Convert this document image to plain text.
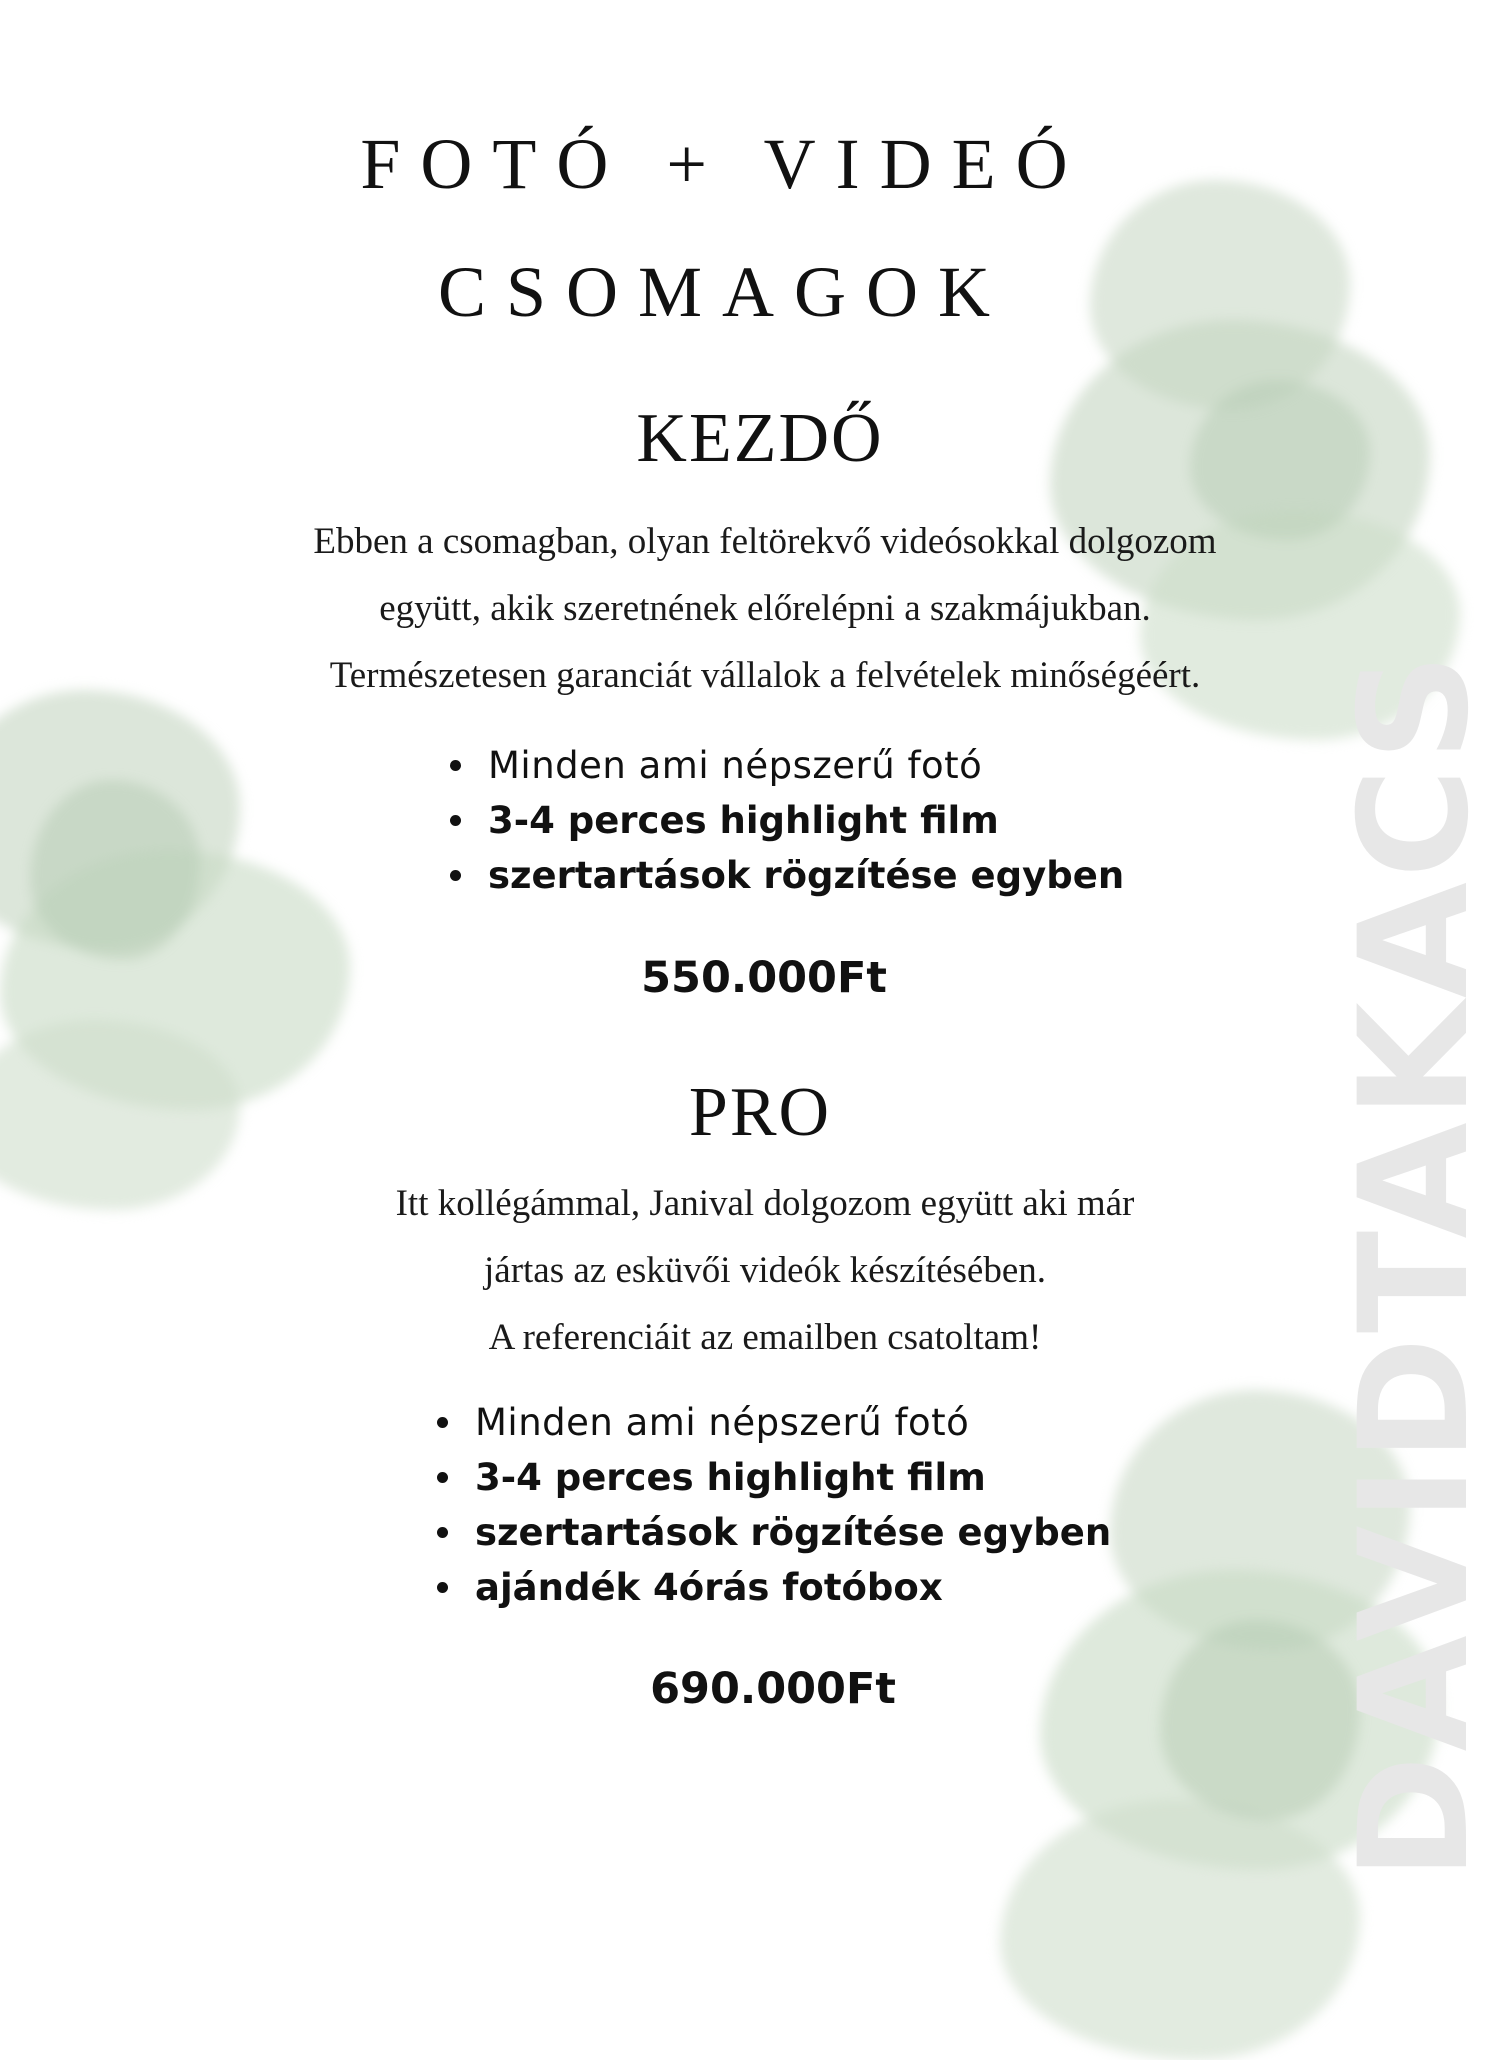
DAVIDTAKACS
FOTÓ + VIDEÓ
CSOMAGOK
KEZDŐ

Ebben a csomagban, olyan feltörekvő videósokkal dolgozom
együtt, akik szeretnének előrelépni a szakmájukban.
Természetesen garanciát vállalok a felvételek minőségéért.

Minden ami népszerű fotó
3-4 perces highlight film
szertartások rögzítése egyben
550.000Ft
PRO

Itt kollégámmal, Janival dolgozom együtt aki már
jártas az esküvői videók készítésében.
A referenciáit az emailben csatoltam!

Minden ami népszerű fotó
3-4 perces highlight film
szertartások rögzítése egyben
ajándék 4órás fotóbox
690.000Ft
